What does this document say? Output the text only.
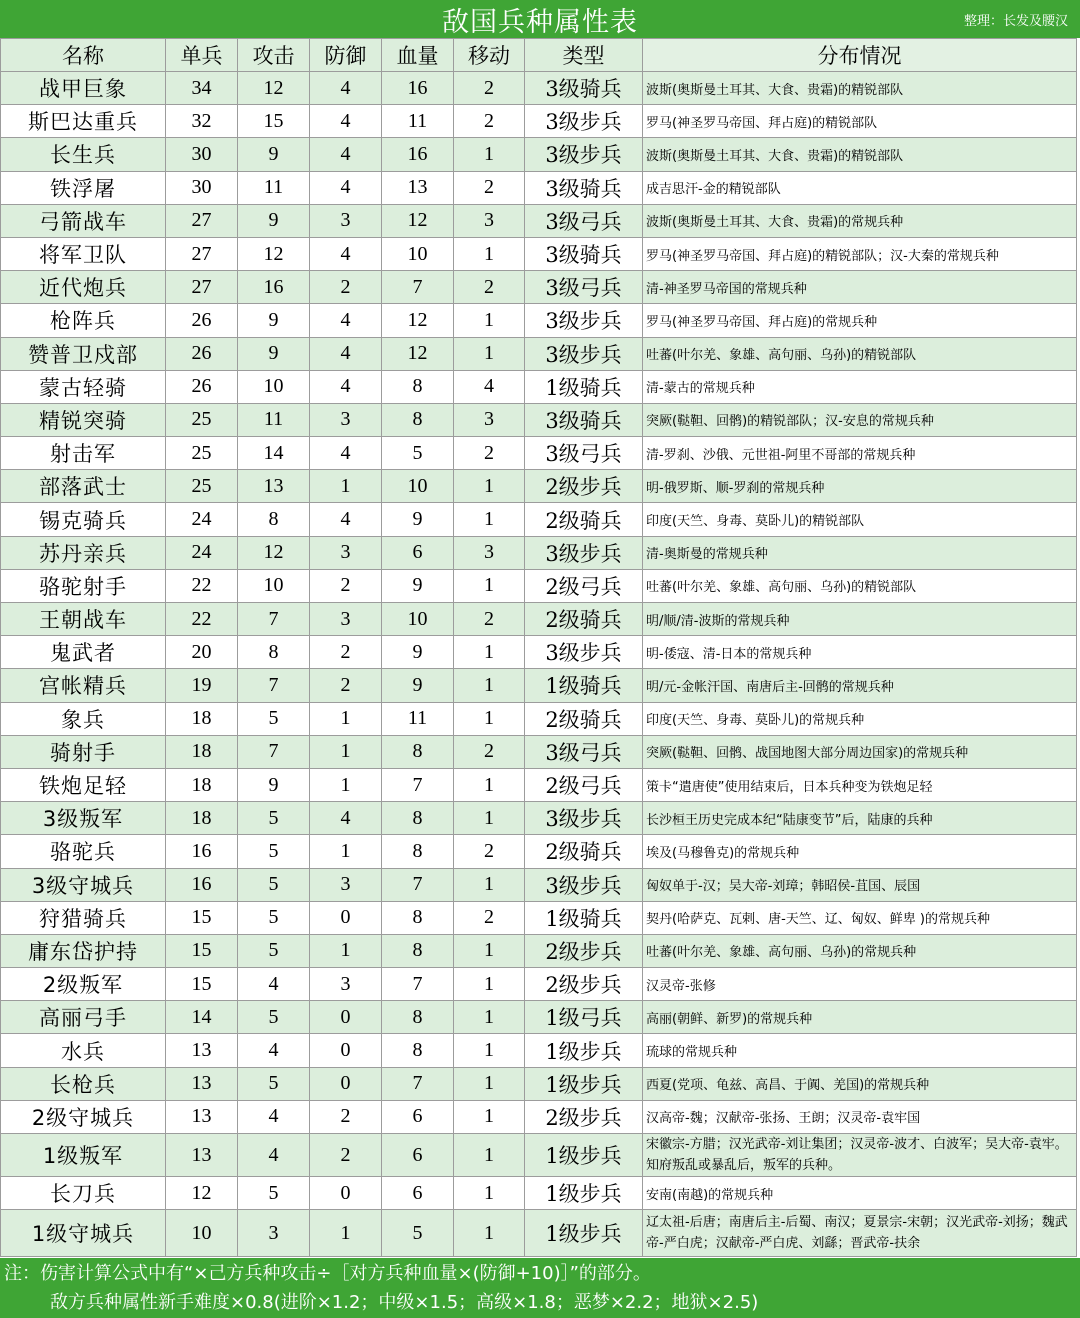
敌国兵种属性表	整理：长发及腰汉
名称	单兵	攻击	防御	血量	移动	类型	分布情况
战甲巨象	34	12	4	16	2	3级骑兵	波斯(奥斯曼土耳其、大食、贵霜)的精锐部队
斯巴达重兵	32	15	4	11	2	3级步兵	罗马(神圣罗马帝国、拜占庭)的精锐部队
长生兵	30	9	4	16	1	3级步兵	波斯(奥斯曼土耳其、大食、贵霜)的精锐部队
铁浮屠	30	11	4	13	2	3级骑兵	成吉思汗-金的精锐部队
弓箭战车	27	9	3	12	3	3级弓兵	波斯(奥斯曼土耳其、大食、贵霜)的常规兵种
将军卫队	27	12	4	10	1	3级骑兵	罗马(神圣罗马帝国、拜占庭)的精锐部队；汉-大秦的常规兵种
近代炮兵	27	16	2	7	2	3级弓兵	清-神圣罗马帝国的常规兵种
枪阵兵	26	9	4	12	1	3级步兵	罗马(神圣罗马帝国、拜占庭)的常规兵种
赞普卫戍部	26	9	4	12	1	3级步兵	吐蕃(叶尔羌、象雄、高句丽、乌孙)的精锐部队
蒙古轻骑	26	10	4	8	4	1级骑兵	清-蒙古的常规兵种
精锐突骑	25	11	3	8	3	3级骑兵	突厥(鞑靼、回鹘)的精锐部队；汉-安息的常规兵种
射击军	25	14	4	5	2	3级弓兵	清-罗刹、沙俄、元世祖-阿里不哥部的常规兵种
部落武士	25	13	1	10	1	2级步兵	明-俄罗斯、顺-罗刹的常规兵种
锡克骑兵	24	8	4	9	1	2级骑兵	印度(天竺、身毒、莫卧儿)的精锐部队
苏丹亲兵	24	12	3	6	3	3级步兵	清-奥斯曼的常规兵种
骆驼射手	22	10	2	9	1	2级弓兵	吐蕃(叶尔羌、象雄、高句丽、乌孙)的精锐部队
王朝战车	22	7	3	10	2	2级骑兵	明/顺/清-波斯的常规兵种
鬼武者	20	8	2	9	1	3级步兵	明-倭寇、清-日本的常规兵种
宫帐精兵	19	7	2	9	1	1级骑兵	明/元-金帐汗国、南唐后主-回鹘的常规兵种
象兵	18	5	1	11	1	2级骑兵	印度(天竺、身毒、莫卧儿)的常规兵种
骑射手	18	7	1	8	2	3级弓兵	突厥(鞑靼、回鹘、战国地图大部分周边国家)的常规兵种
铁炮足轻	18	9	1	7	1	2级弓兵	策卡“遣唐使”使用结束后，日本兵种变为铁炮足轻
3级叛军	18	5	4	8	1	3级步兵	长沙桓王历史完成本纪“陆康变节”后，陆康的兵种
骆驼兵	16	5	1	8	2	2级骑兵	埃及(马穆鲁克)的常规兵种
3级守城兵	16	5	3	7	1	3级步兵	匈奴单于-汉；吴大帝-刘璋；韩昭侯-苴国、辰国
狩猎骑兵	15	5	0	8	2	1级骑兵	契丹(哈萨克、瓦剌、唐-天竺、辽、匈奴、鲜卑 )的常规兵种
庸东岱护持	15	5	1	8	1	2级步兵	吐蕃(叶尔羌、象雄、高句丽、乌孙)的常规兵种
2级叛军	15	4	3	7	1	2级步兵	汉灵帝-张修
高丽弓手	14	5	0	8	1	1级弓兵	高丽(朝鲜、新罗)的常规兵种
水兵	13	4	0	8	1	1级步兵	琉球的常规兵种
长枪兵	13	5	0	7	1	1级步兵	西夏(党项、龟兹、高昌、于阗、羌国)的常规兵种
2级守城兵	13	4	2	6	1	2级步兵	汉高帝-魏；汉献帝-张扬、王朗；汉灵帝-袁牢国
1级叛军	13	4	2	6	1	1级步兵	宋徽宗-方腊；汉光武帝-刘让集团；汉灵帝-波才、白波军；吴大帝-袁牢。知府叛乱或暴乱后，叛军的兵种。
长刀兵	12	5	0	6	1	1级步兵	安南(南越)的常规兵种
1级守城兵	10	3	1	5	1	1级步兵	辽太祖-后唐；南唐后主-后蜀、南汉；夏景宗-宋朝；汉光武帝-刘扬；魏武帝-严白虎；汉献帝-严白虎、刘繇；晋武帝-扶余
注：伤害计算公式中有“×己方兵种攻击÷［对方兵种血量×(防御+10)］”的部分。
敌方兵种属性新手难度×0.8(进阶×1.2；中级×1.5；高级×1.8；恶梦×2.2；地狱×2.5)
